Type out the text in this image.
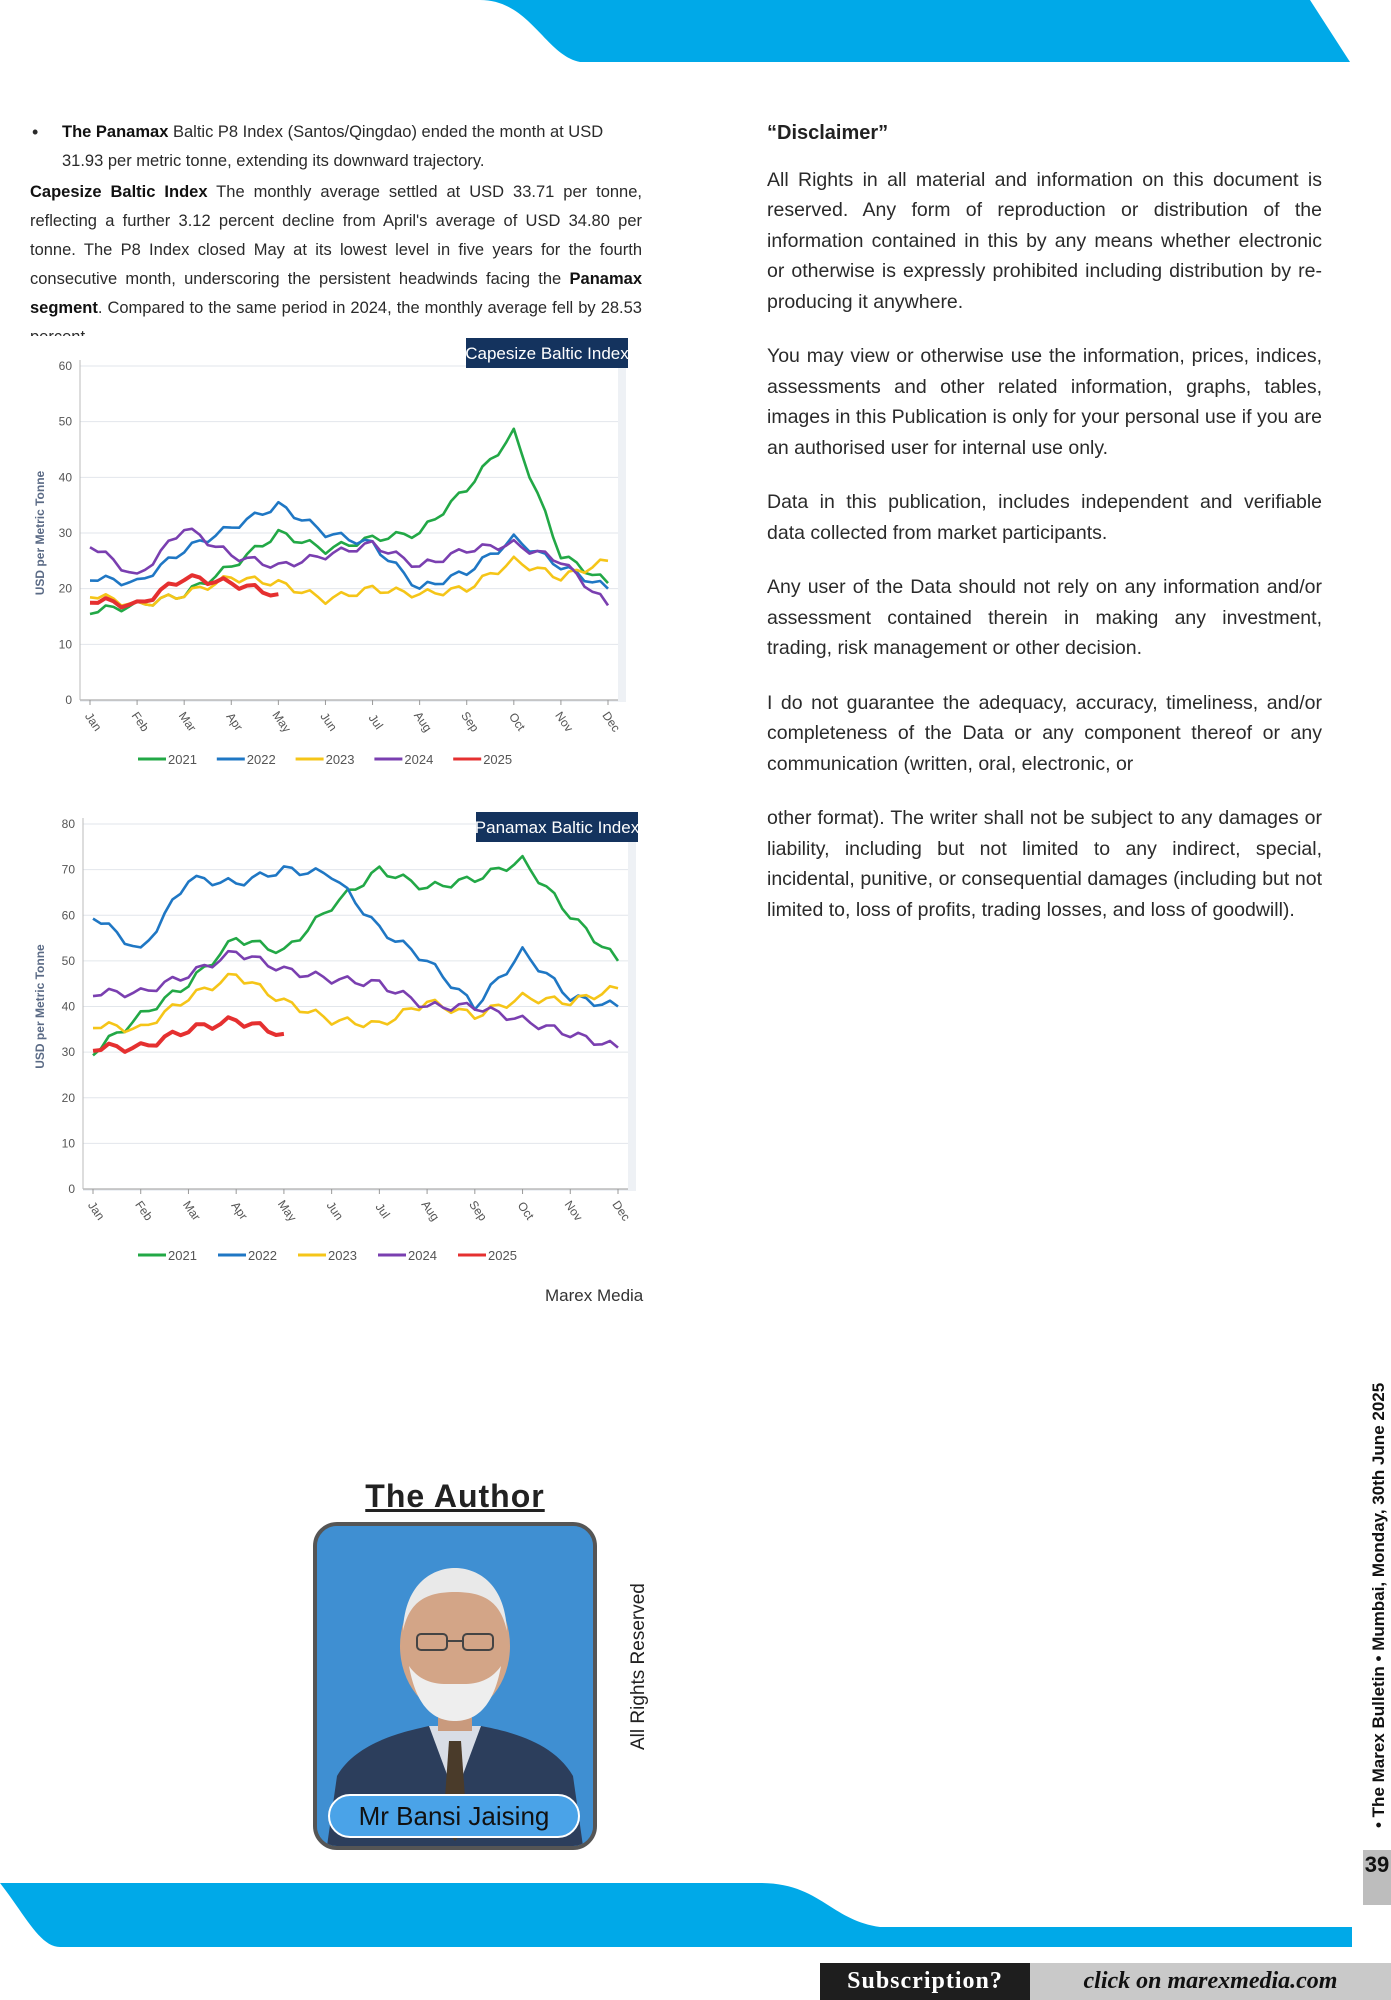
• The Panamax Baltic P8 Index (Santos/Qingdao) ended the month at USD 31.93 per metric tonne, extending its downward trajectory.
Capesize Baltic Index The monthly average settled at USD 33.71 per tonne, reflecting a further 3.12 percent decline from April's average of USD 34.80 per tonne. The P8 Index closed May at its lowest level in five years for the fourth consecutive month, underscoring the persistent headwinds facing the Panamax segment. Compared to the same period in 2024, the monthly average fell by 28.53
0
10
20
30
40
50
60
Jan Feb Mar Apr May Jun Jul Aug Sep Oct Nov Dec
USD per Metric Tonne
Capesize Baltic Index
2021	2022	2023	2024	2025
0
10
20
30
40
50
60
70
80
Jan Feb Mar Apr May Jun Jul Aug Sep Oct Nov Dec
USD per Metric Tonne
Panamax Baltic Index
2021	2022	2023	2024	2025
Marex Media
“Disclaimer”

All Rights in all material and information on this document is reserved. Any form of reproduction or distribution of the information contained in this by any means whether electronic or otherwise is expressly prohibited including distribution by re- producing it anywhere.

You may view or otherwise use the information, prices, indices, assessments and other related information, graphs, tables, images in this Publication is only for your personal use if you are an authorised user for internal use only.

Data in this publication, includes independent and verifiable data collected from market participants.

Any user of the Data should not rely on any information and/or assessment contained therein in making any investment, trading, risk management or other decision.

I do not guarantee the adequacy, accuracy, timeliness, and/or completeness of the Data or any component thereof or any communication (written, oral, electronic, or

other format). The writer shall not be subject to any damages or liability, including but not limited to any indirect, special, incidental, punitive, or consequential damages (including but not limited to, loss of profits, trading losses, and loss of goodwill).

The Author
Mr Bansi Jaising
All Rights Reserved	• The Marex Bulletin • Mumbai, Monday, 30th June 2025
39
Subscription?	click on marexmedia.com
